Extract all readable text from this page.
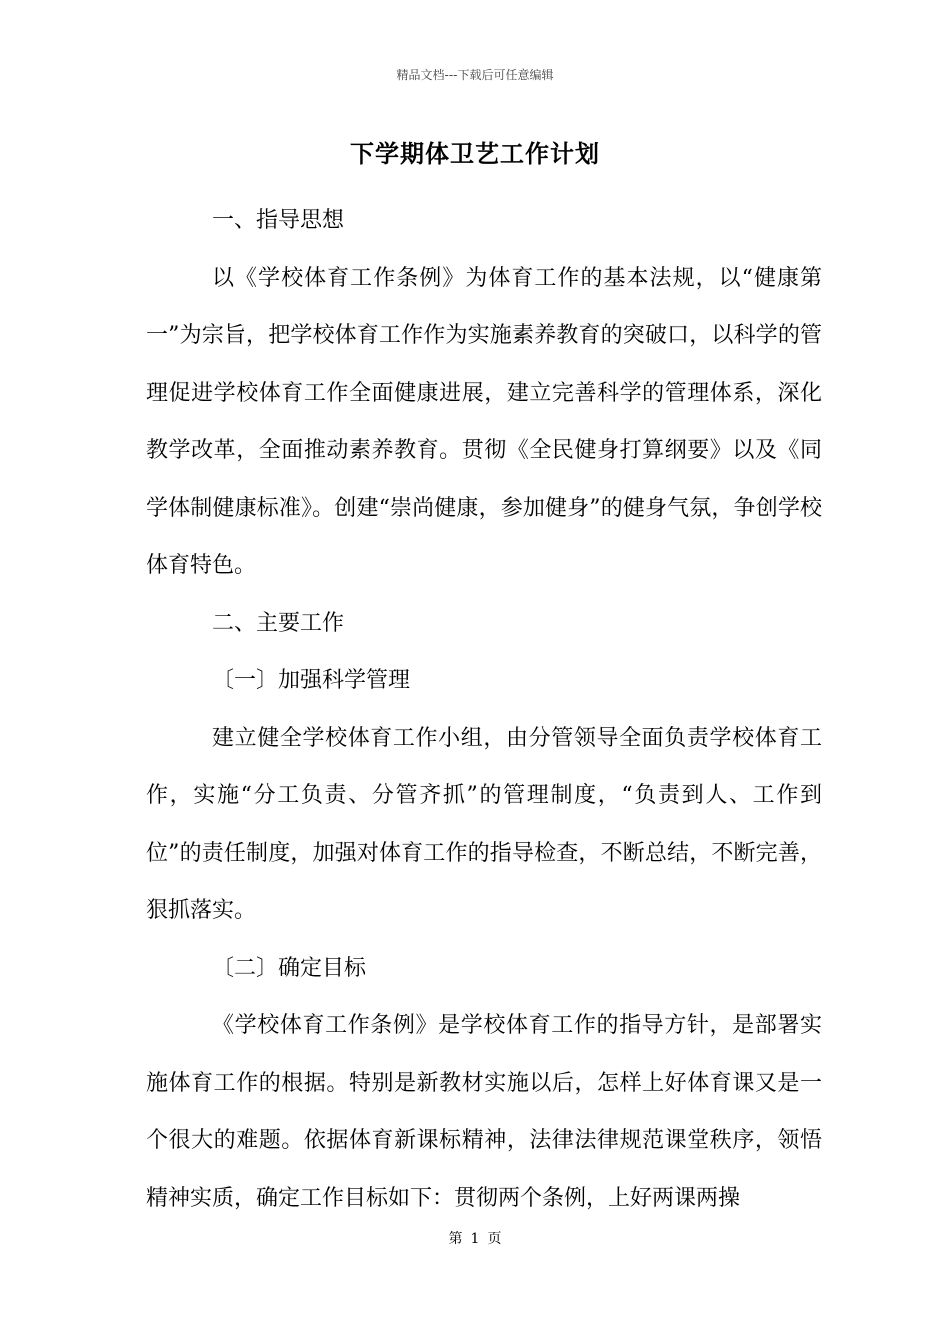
精品文档---下载后可任意编辑
下学期体卫艺工作计划

一、指导思想

以《学校体育工作条例》为体育工作的基本法规，以“健康第一”为宗旨，把学校体育工作作为实施素养教育的突破口，以科学的管理促进学校体育工作全面健康进展，建立完善科学的管理体系，深化教学改革，全面推动素养教育。贯彻《全民健身打算纲要》以及《同学体制健康标准》。创建“崇尚健康，参加健身”的健身气氛，争创学校体育特色。

二、主要工作

〔一〕加强科学管理

建立健全学校体育工作小组，由分管领导全面负责学校体育工作，实施“分工负责、分管齐抓”的管理制度，“负责到人、工作到位”的责任制度，加强对体育工作的指导检查，不断总结，不断完善，狠抓落实。

〔二〕确定目标

《学校体育工作条例》是学校体育工作的指导方针，是部署实施体育工作的根据。特别是新教材实施以后，怎样上好体育课又是一个很大的难题。依据体育新课标精神，法律法律规范课堂秩序，领悟精神实质，确定工作目标如下：贯彻两个条例，上好两课两操

第 1 页
